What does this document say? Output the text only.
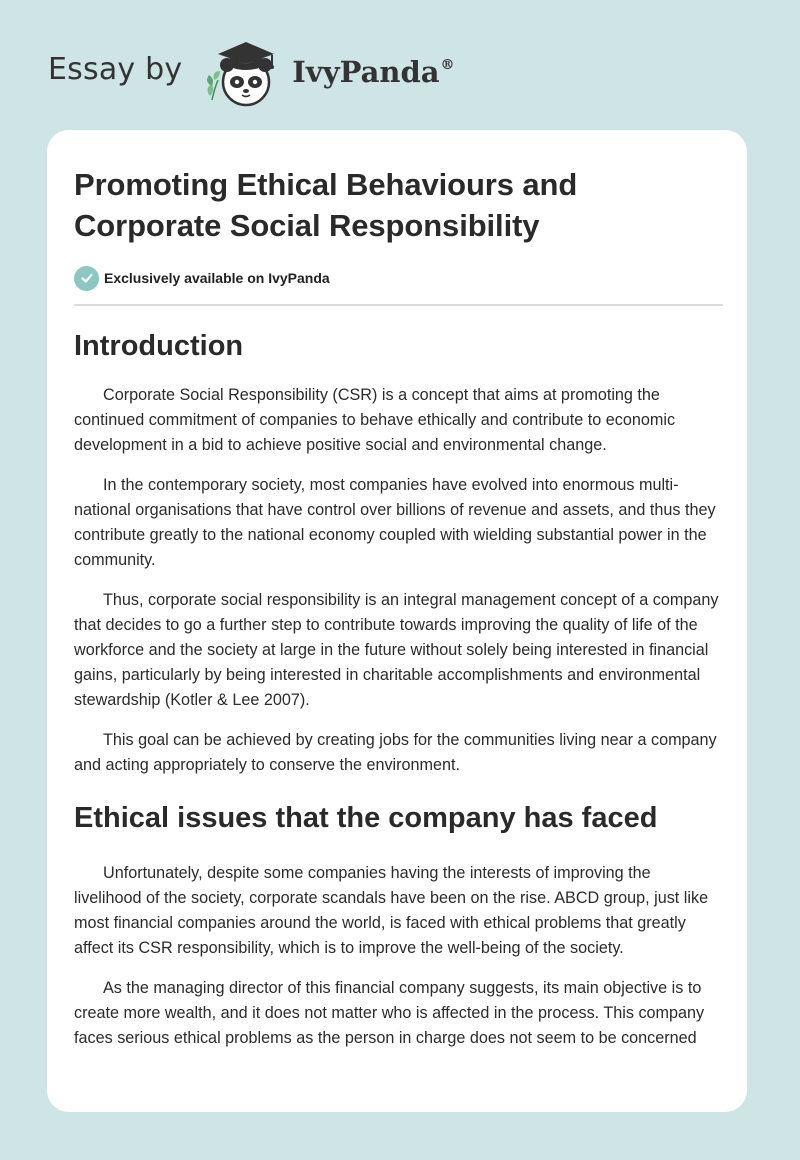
Essay by	IvyPanda®
Promoting Ethical Behaviours and Corporate Social Responsibility
Exclusively available on IvyPanda
Introduction

Corporate Social Responsibility (CSR) is a concept that aims at promoting the continued commitment of companies to behave ethically and contribute to economic development in a bid to achieve positive social and environmental change.

In the contemporary society, most companies have evolved into enormous multi-national organisations that have control over billions of revenue and assets, and thus they contribute greatly to the national economy coupled with wielding substantial power in the community.

Thus, corporate social responsibility is an integral management concept of a company that decides to go a further step to contribute towards improving the quality of life of the workforce and the society at large in the future without solely being interested in financial gains, particularly by being interested in charitable accomplishments and environmental stewardship (Kotler & Lee 2007).

This goal can be achieved by creating jobs for the communities living near a company and acting appropriately to conserve the environment.

Ethical issues that the company has faced

Unfortunately, despite some companies having the interests of improving the livelihood of the society, corporate scandals have been on the rise. ABCD group, just like most financial companies around the world, is faced with ethical problems that greatly affect its CSR responsibility, which is to improve the well-being of the society.

As the managing director of this financial company suggests, its main objective is to create more wealth, and it does not matter who is affected in the process. This company faces serious ethical problems as the person in charge does not seem to be concerned
